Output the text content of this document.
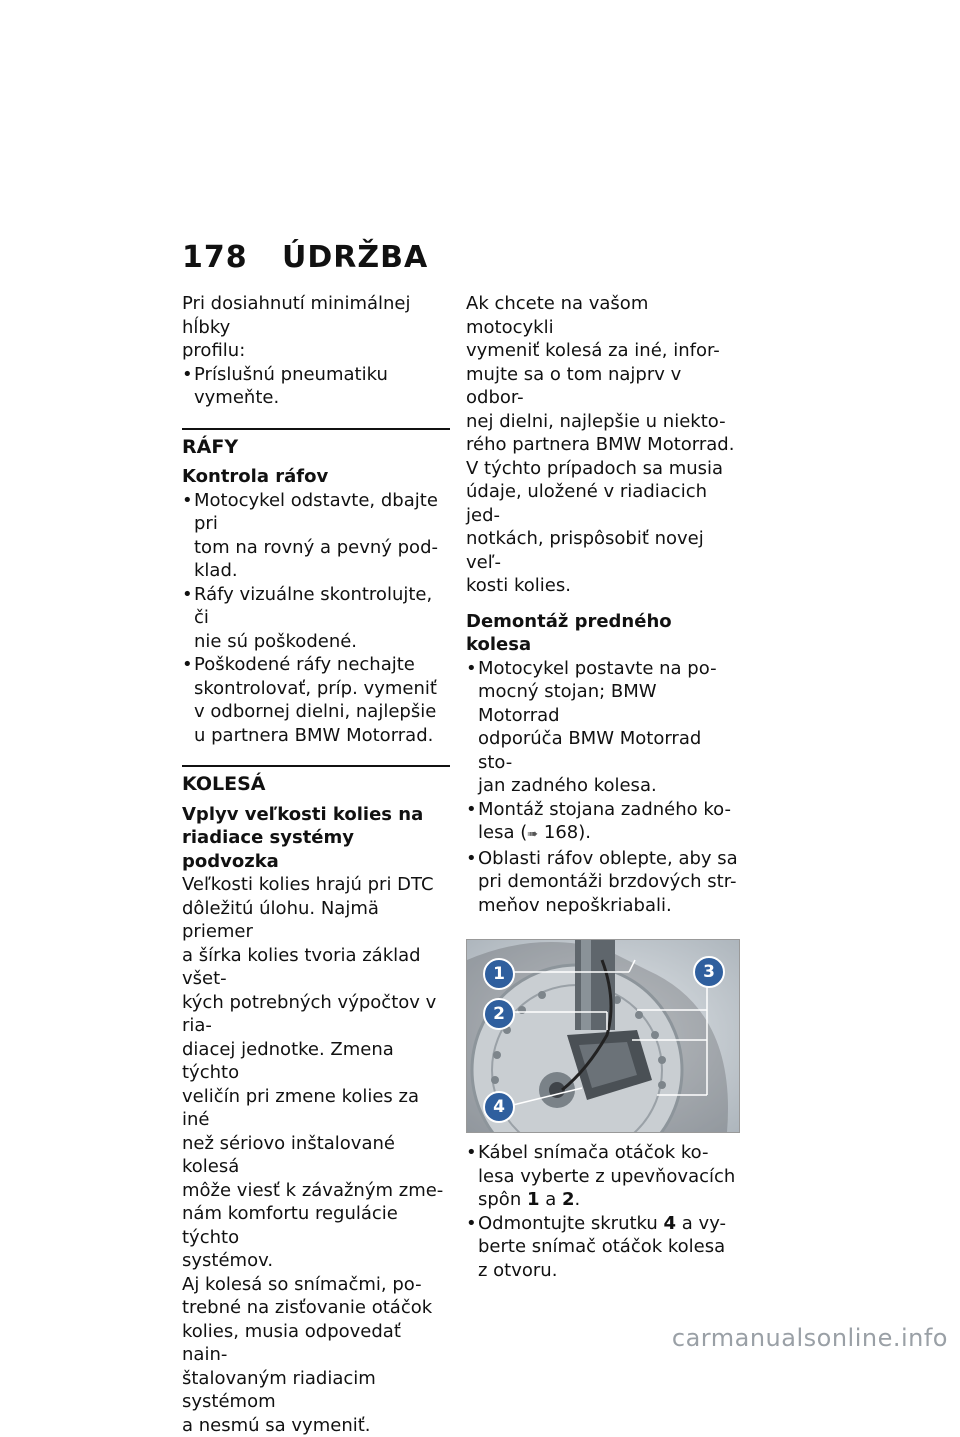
178 ÚDRŽBA

Pri dosiahnutí minimálnej hĺbky

profilu:

• Príslušnú pneumatiku
vymeňte.
RÁFY
Kontrola ráfov
• Motocykel odstavte, dbajte pri
tom na rovný a pevný pod-
klad.
• Ráfy vizuálne skontrolujte, či
nie sú poškodené.
• Poškodené ráfy nechajte
skontrolovať, príp. vymeniť
v odbornej dielni, najlepšie
u partnera BMW Motorrad.
KOLESÁ
Vplyv veľkosti kolies na
riadiace systémy podvozka

Veľkosti kolies hrajú pri DTC

dôležitú úlohu. Najmä priemer

a šírka kolies tvoria základ všet-

kých potrebných výpočtov v ria-

diacej jednotke. Zmena týchto

veličín pri zmene kolies za iné

než sériovo inštalované kolesá

môže viesť k závažným zme-

nám komfortu regulácie týchto

systémov.

Aj kolesá so snímačmi, po-

trebné na zisťovanie otáčok

kolies, musia odpovedať nain-

štalovaným riadiacim systémom

a nesmú sa vymeniť.

Ak chcete na vašom motocykli

vymeniť kolesá za iné, infor-

mujte sa o tom najprv v odbor-

nej dielni, najlepšie u niekto-

rého partnera BMW Motorrad.

V týchto prípadoch sa musia

údaje, uložené v riadiacich jed-

notkách, prispôsobiť novej veľ-

kosti kolies.

Demontáž predného kolesa
• Motocykel postavte na po-
mocný stojan; BMW Motorrad
odporúča BMW Motorrad sto-
jan zadného kolesa.
• Montáž stojana zadného ko-
lesa (➠ 168).
• Oblasti ráfov oblepte, aby sa
pri demontáži brzdových str-
meňov nepoškriabali.
1
2
3
4
• Kábel snímača otáčok ko-
lesa vyberte z upevňovacích
spôn 1 a 2.
• Odmontujte skrutku 4 a vy-
berte snímač otáčok kolesa
z otvoru.
carmanualsonline.info
